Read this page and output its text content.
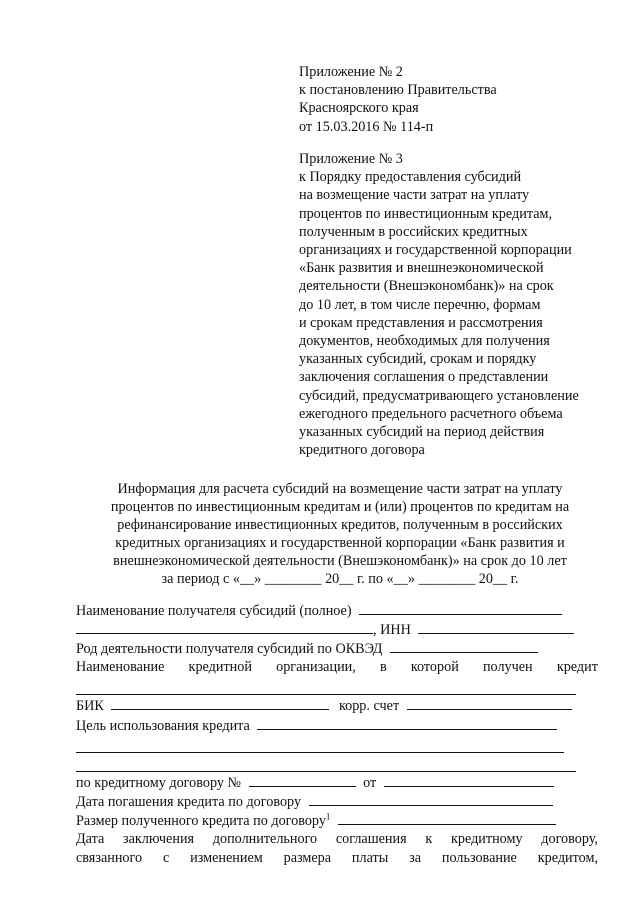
Приложение № 2
к постановлению Правительства
Красноярского края
от 15.03.2016 № 114-п
Приложение № 3
к Порядку предоставления субсидий
на возмещение части затрат на уплату
процентов по инвестиционным кредитам,
полученным в российских кредитных
организациях и государственной корпорации
«Банк развития и внешнеэкономической
деятельности (Внешэкономбанк)» на срок
до 10 лет, в том числе перечню, формам
и срокам представления и рассмотрения
документов, необходимых для получения
указанных субсидий, срокам и порядку
заключения соглашения о представлении
субсидий, предусматривающего установление
ежегодного предельного расчетного объема
указанных субсидий на период действия
кредитного договора
Информация для расчета субсидий на возмещение части затрат на уплату
процентов по инвестиционным кредитам и (или) процентов по кредитам на
рефинансирование инвестиционных кредитов, полученным в российских
кредитных организациях и государственной корпорации «Банк развития и
внешнеэкономической деятельности (Внешэкономбанк)» на срок до 10 лет
за период с «__» ________ 20__ г. по «__» ________ 20__ г.
Наименование получателя субсидий (полное)
, ИНН
Род деятельности получателя субсидий по ОКВЭД
Наименование кредитной организации, в которой получен кредит
БИК	корр. счет
Цель использования кредита
по кредитному договору №	от
Дата погашения кредита по договору
Размер полученного кредита по договору$^1$
Дата заключения дополнительного соглашения к кредитному договору,
связанного с изменением размера платы за пользование кредитом,
